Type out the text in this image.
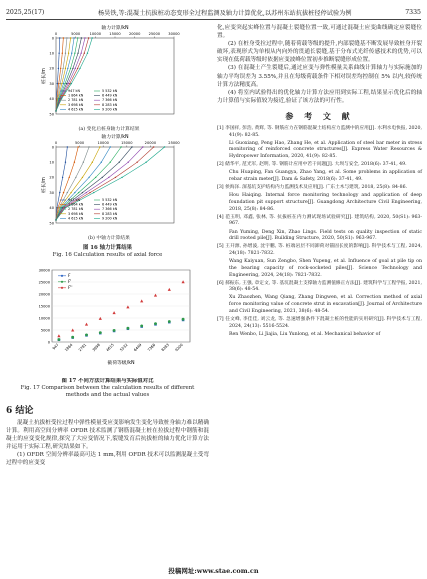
2025,25(17)	杨昊铁,等:混凝土抗拔桩动态变形全过程监测及轴力计算优化,以苏州东站抗拔桩径停试验为例	7335
轴力计算/kN
桩长/m
0	5000	10000 15000 20000 25000 30000
0
10
20
30
40
50
947 kN
1 864 kN
2 781 kN
3 698 kN
4 615 kN
5 532 kN
6 449 kN
7 366 kN
8 283 kN
9 200 kN
(a) 变化后桩身轴力计算结果
轴力计算/kN
桩长/m
0	5000	10000	15000	20000	25000
0
10
20
30
40
50
947 kN
1 864 kN
2 781 kN
3 698 kN
4 615 kN
5 532 kN
6 449 kN
7 366 kN
8 283 kN
9 200 kN
(b) 中轴力计算结果
图 16 轴力计算结果
Fig. 16 Calculation results of axial force
0
5000
10000
15000
20000
25000
30000
947 1864 2781 3698 4615 5532 6449 7366 8283 9200
截荷等级/kN
F
F'
F''
图 17 不同方法计算结果与实际值对比
Fig. 17 Comparison between the calculation results of different methods and the actual values
6 结论

混凝土抗拔桩受拉过程中弹性模量受应变影响发生变化导致桩身轴力难以精确计算。利用高空间分辨率 OFDR 技术监测了钢筋混凝土桩在拉拔过程中钢筋和混凝土的应变变化规律,探究了大应变情况下,裂缝发育后抗拔桩的轴力优化计算方法并运用于实际工程,研究结果如下。

(1) OFDR 空间分辨率最高可达 1 mm,利用 OFDR 技术可以监测混凝土受弯过程中的应变变

化,应变突起实峰位置与混凝土裂缝位置一致,可通过混凝土应变曲线确定应裂缝位置。

(2) 在桩身受拉过程中,随着荷载等级的提升,内部裂缝基不断发展导致桩身开裂破坏,表现形式为单根从内向外的贯通长裂缝,基于分布式光纤传感技术的优势,可以实现在低荷载等级时依据应变波峰位置初步推断裂缝形成位置。

(3) 在混凝土产生裂缝后,通过应变与弹性模量关系曲线计算轴力与实际施加的轴力平均误差为 3.55%,并且在每级荷载条件下相对误差均控制在 5% 以内,较传统计算方法精度高。

(4) 将室内试验得出的优化轴力计算方法应用到实际工程,结果显示优化后的轴力计算值与实际值较为接近,验证了该方法的可行性。

参 考 文 献

[1] 李国祥, 彭浩, 黄辉, 等. 钢筋应力在钢筋混凝土结构应力监测中的应用[J]. 水利水电快报, 2020, 41(9): 82-85.

Li Guoxiang, Peng Hao, Zhang He, et al. Application of steel bar meter in stress monitoring of reinforced concrete structures[J]. Express Water Resources & Hydropower Information, 2020, 41(9): 82-85.

[2] 储华平, 范光军, 赵明, 等. 钢筋计应用中若干问题[J]. 大坝与安全, 2018(6): 37-41, 49.

Chu Huaping, Fan Guangya, Zhao Yang, et al. Some problems in application of rebar strain meter[J]. Dam & Safety, 2018(6): 37-41, 49.

[3] 侯海泽. 深基坑支护结构内力监测技术及应用[J]. 广东土木与建筑, 2018, 25(8): 84-86.

Hou Haiqing. Internal force monitoring technology and application of deep foundation pit support structure[J]. Guangdong Architecture Civil Engineering, 2018, 25(8): 84-86.

[4] 范玉明, 邓鑫, 张林, 等. 抗拔桩在内力测试现场试验研究[J]. 建筑结构, 2020, 50(S1): 963-967.

Fan Yuming, Deng Xin, Zhao Lings. Field tests on quality inspection of static drill rooted pile[J]. Building Structure, 2020, 50(S1): 963-967.

[5] 王开源, 孙增波, 沈宇鹏, 等. 桩端岩层不同卸荷对锚固长度的影响[J]. 科学技术与工程, 2024, 24(18): 7821-7832.

Wang Kaiyuan, Sun Zengbo, Shen Yupeng, et al. Influence of goal at pile tip on the bearing capacity of rock-socketed piles[J]. Science Technology and Engineering, 2024, 24(18): 7821-7832.

[6] 郝振东, 王强, 章定文, 等. 基坑混凝土支撑轴力监测值修正方法[J]. 建筑科学与工程学报, 2021, 38(6): 48-54.

Xu Zhaozhen, Wang Qiang, Zhang Dingwen, et al. Correction method of axial force monitoring value of concrete strut in excavation[J]. Journal of Architecture and Civil Engineering, 2021, 38(6): 48-54.

[7] 任文峰, 李佳佳, 刘云龙, 等. 急速增强条件下混凝土桩的性能的实用研究[J]. 科学技术与工程, 2024, 24(13): 5516-5524.

Ren Wenbo, Li Jiajia, Liu Yunlong, et al. Mechanical behavior of

投稿网址:www.stae.com.cn
